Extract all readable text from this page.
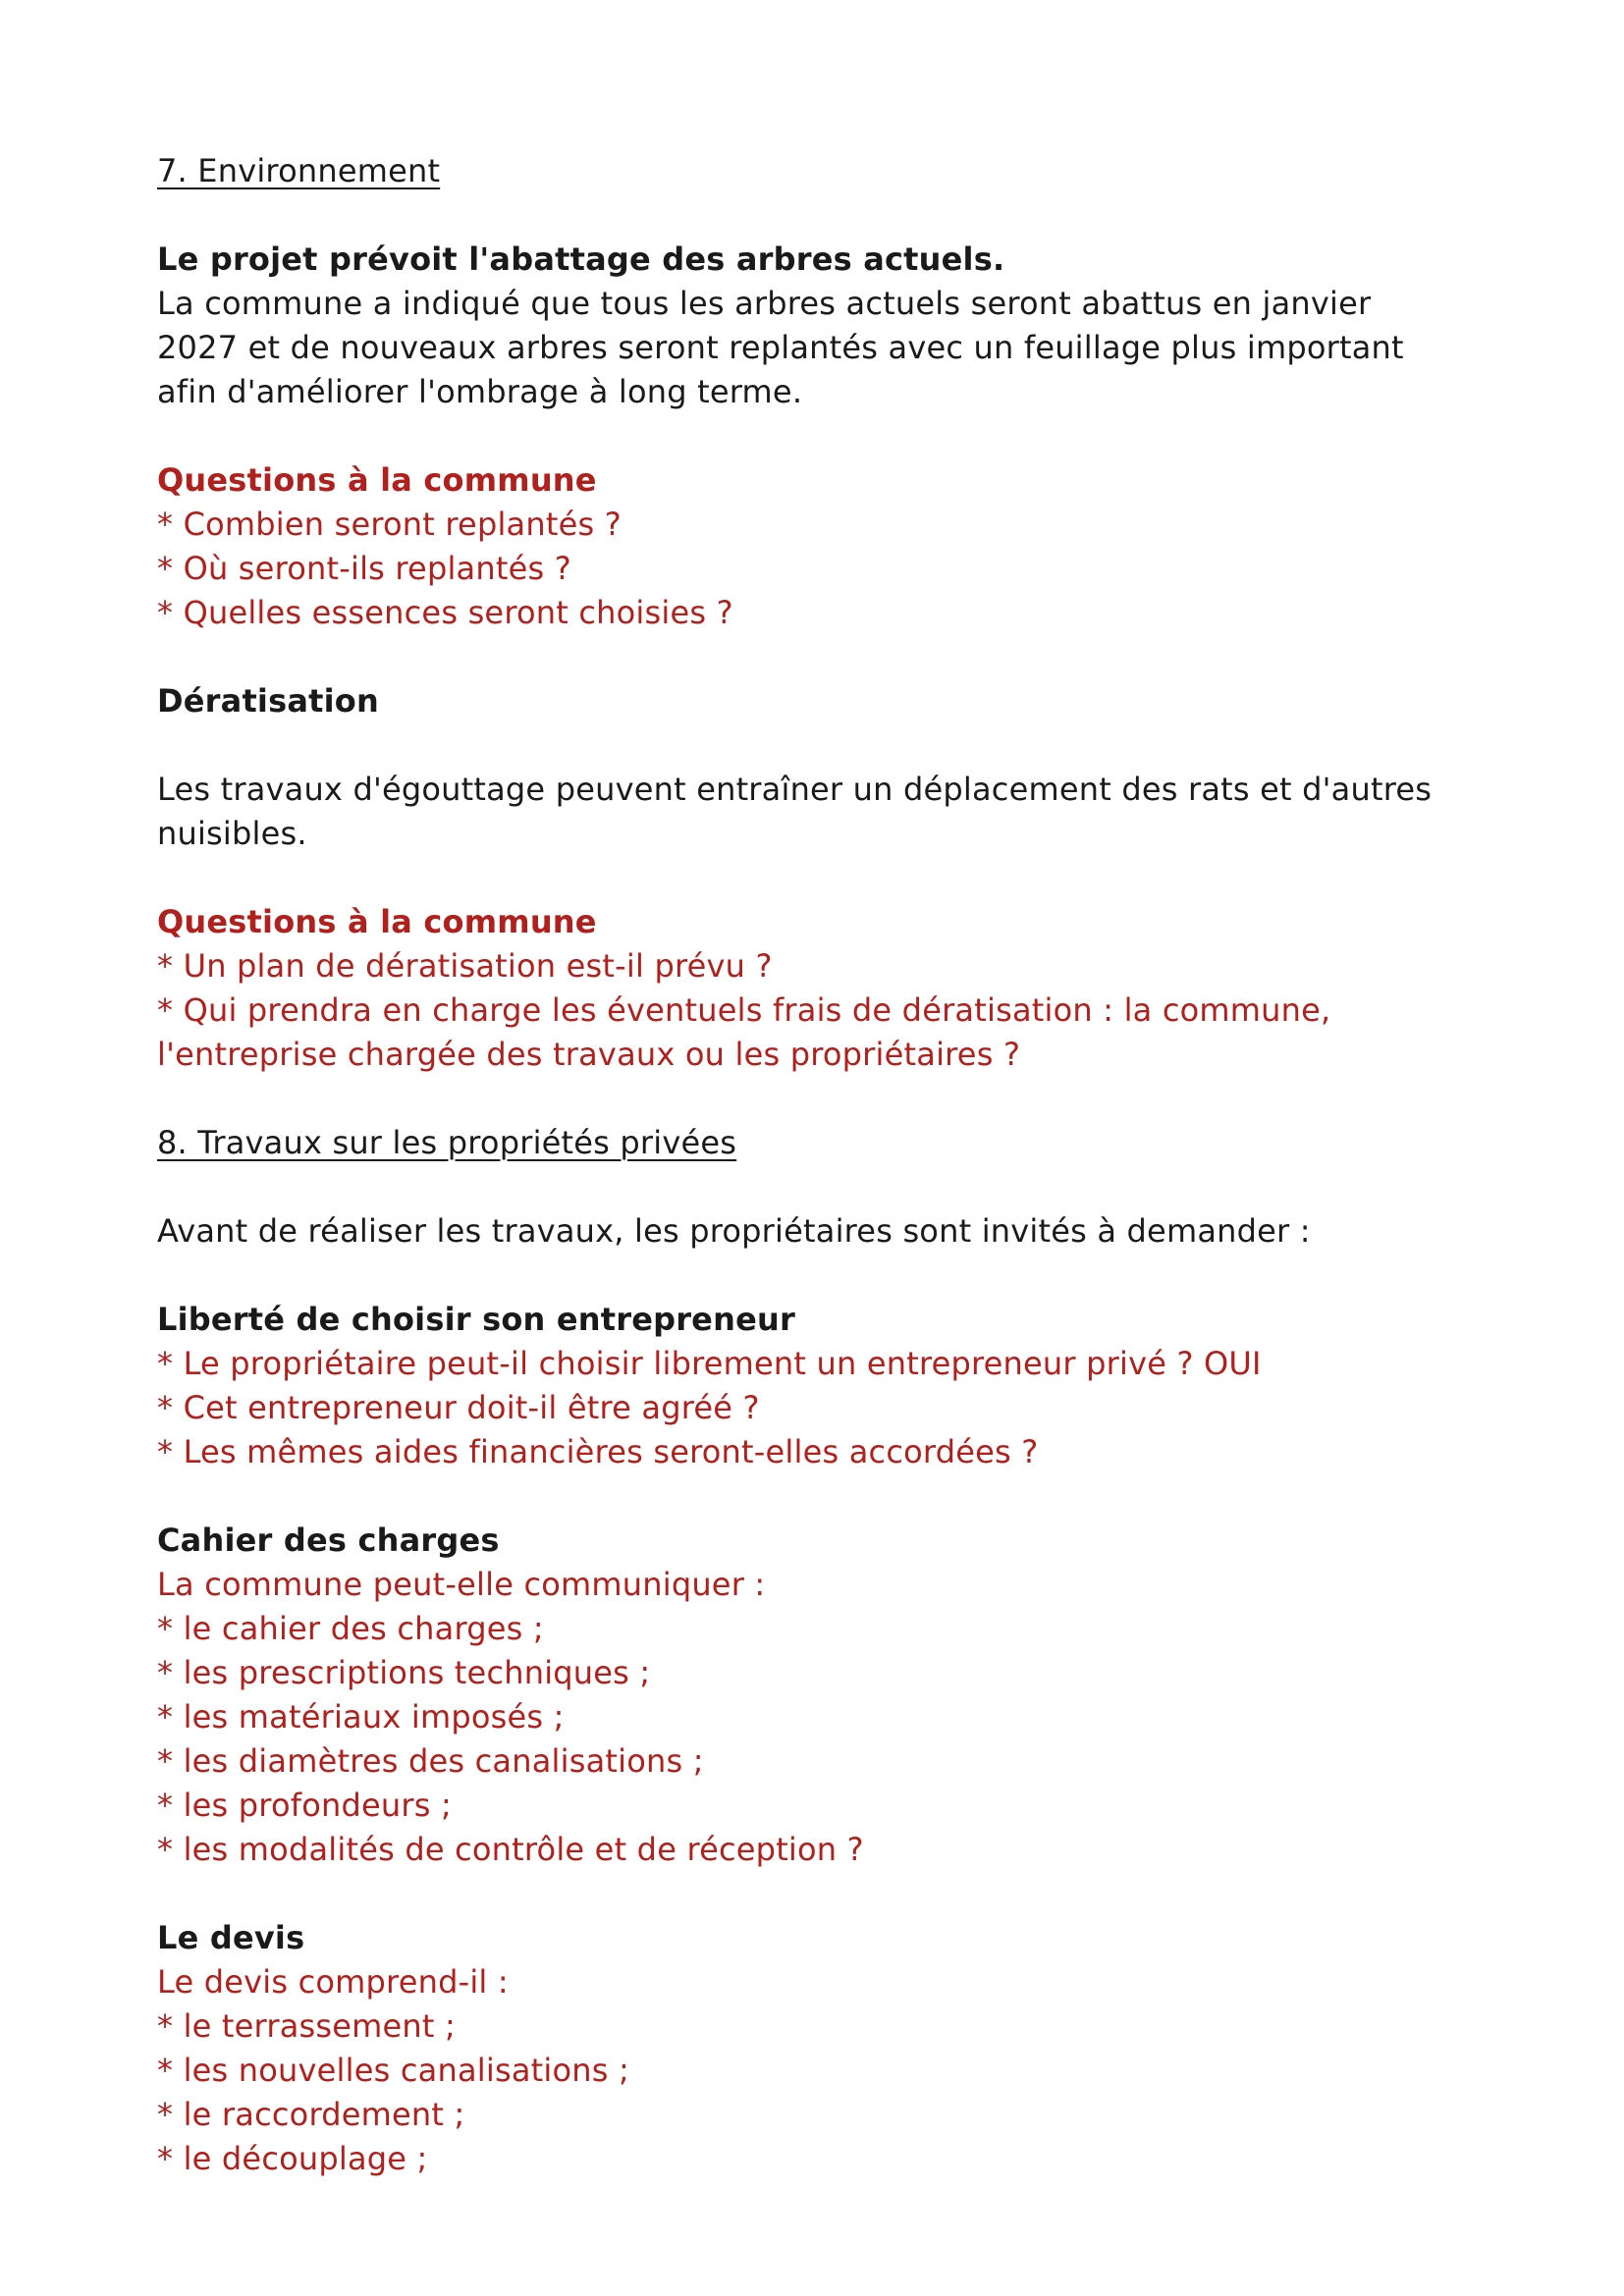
7. Environnement

Le projet prévoit l'abattage des arbres actuels.

La commune a indiqué que tous les arbres actuels seront abattus en janvier 2027 et de nouveaux arbres seront replantés avec un feuillage plus important afin d'améliorer l'ombrage à long terme.

Questions à la commune

* Combien seront replantés ?

* Où seront-ils replantés ?

* Quelles essences seront choisies ?

Dératisation

Les travaux d'égouttage peuvent entraîner un déplacement des rats et d'autres nuisibles.

Questions à la commune

* Un plan de dératisation est-il prévu ?

* Qui prendra en charge les éventuels frais de dératisation : la commune, l'entreprise chargée des travaux ou les propriétaires ?

8. Travaux sur les propriétés privées

Avant de réaliser les travaux, les propriétaires sont invités à demander :

Liberté de choisir son entrepreneur

* Le propriétaire peut-il choisir librement un entrepreneur privé ? OUI

* Cet entrepreneur doit-il être agréé ?

* Les mêmes aides financières seront-elles accordées ?

Cahier des charges

La commune peut-elle communiquer :

* le cahier des charges ;

* les prescriptions techniques ;

* les matériaux imposés ;

* les diamètres des canalisations ;

* les profondeurs ;

* les modalités de contrôle et de réception ?

Le devis

Le devis comprend-il :

* le terrassement ;

* les nouvelles canalisations ;

* le raccordement ;

* le découplage ;
